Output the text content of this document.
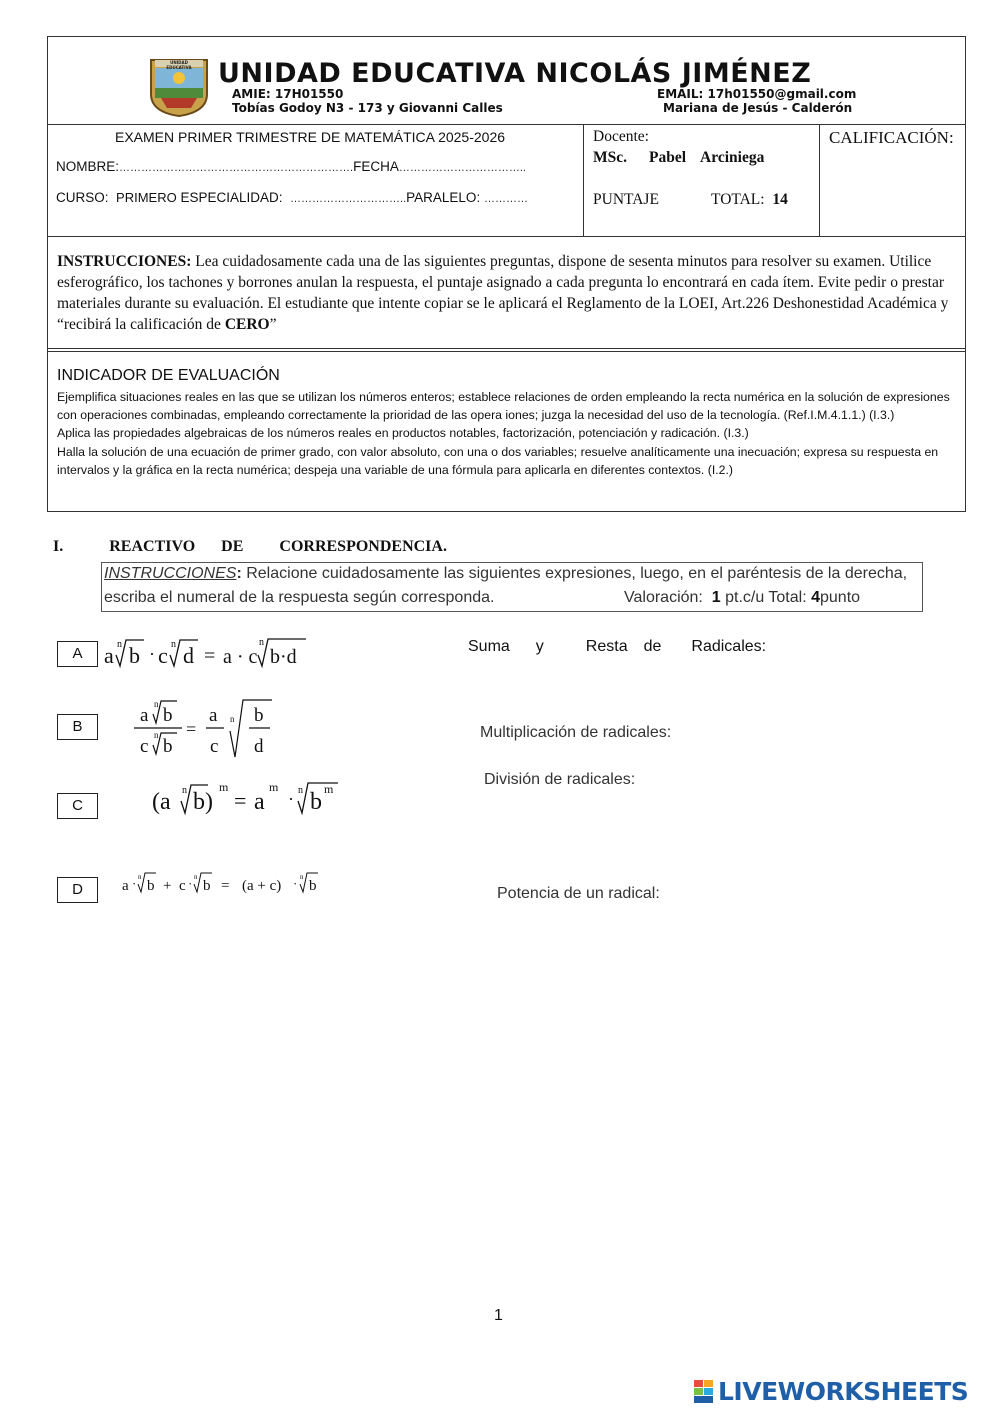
UNIDAD EDUCATIVA UNIDAD EDUCATIVA NICOLÁS JIMÉNEZ
AMIE: 17H01550
Tobías Godoy N3 - 173 y Giovanni Calles
EMAIL: 17h01550@gmail.com
Mariana de Jesús - Calderón
EXAMEN PRIMER TRIMESTRE DE MATEMÁTICA 2025-2026
NOMBRE:……………………………………………………….FECHA……………………………..
CURSO: PRIMERO ESPECIALIDAD: …………………………..PARALELO: …………
Docente:
MSc. Pabel Arciniega
PUNTAJE	TOTAL: 14
CALIFICACIÓN:
INSTRUCCIONES: Lea cuidadosamente cada una de las siguientes preguntas, dispone de sesenta minutos para resolver su examen. Utilice esferográfico, los tachones y borrones anulan la respuesta, el puntaje asignado a cada pregunta lo encontrará en cada ítem. Evite pedir o prestar materiales durante su evaluación. El estudiante que intente copiar se le aplicará el Reglamento de la LOEI, Art.226 Deshonestidad Académica y “recibirá la calificación de CERO”
INDICADOR DE EVALUACIÓN
Ejemplifica situaciones reales en las que se utilizan los números enteros; establece relaciones de orden empleando la recta numérica en la solución de expresiones con operaciones combinadas, empleando correctamente la prioridad de las opera iones; juzga la necesidad del uso de la tecnología. (Ref.I.M.4.1.1.) (I.3.)
Aplica las propiedades algebraicas de los números reales en productos notables, factorización, potenciación y radicación. (I.3.)
Halla la solución de una ecuación de primer grado, con valor absoluto, con una o dos variables; resuelve analíticamente una inecuación; expresa su respuesta en intervalos y la gráfica en la recta numérica; despeja una variable de una fórmula para aplicarla en diferentes contextos. (I.2.)
I.	REACTIVO DE CORRESPONDENCIA.
INSTRUCCIONES: Relacione cuidadosamente las siguientes expresiones, luego, en el paréntesis de la derecha,
escriba el numeral de la respuesta según corresponda.	Valoración: 1 pt.c/u Total: 4punto
A
B
C
D
a n b · c n d = a · c
n
b·d
a
n
b
c
n
b
=
a
c
n b
d
(a n b)
m
= a
m
· n b m
a · n
b + c · n
b = (a + c) · n
b
Suma y	Resta de Radicales:
Multiplicación de radicales:
División de radicales:
Potencia de un radical:
1
LIVEWORKSHEETS
